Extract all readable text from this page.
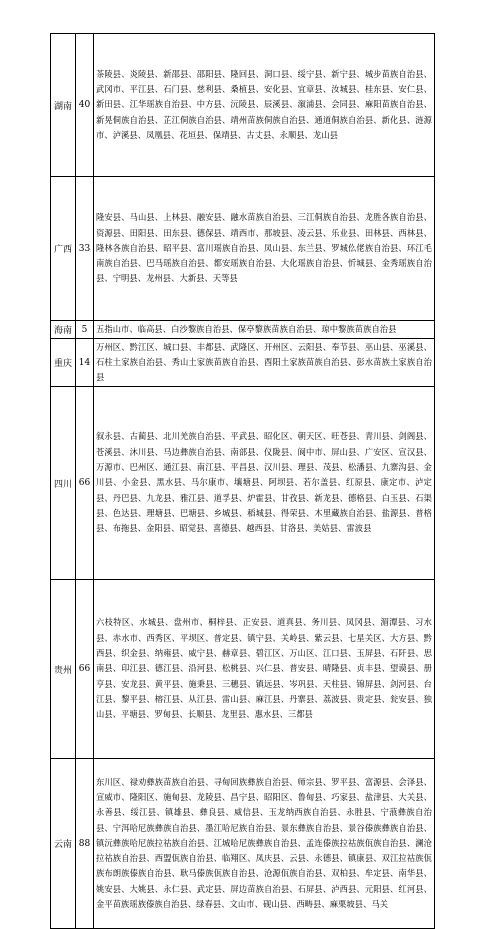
湖南	40	茶陵县、炎陵县、新邵县、邵阳县、隆回县、洞口县、绥宁县、新宁县、城步苗族自治县、武冈市、平江县、石门县、慈利县、桑植县、安化县、宜章县、汝城县、桂东县、安仁县、新田县、江华瑶族自治县、中方县、沅陵县、辰溪县、溆浦县、会同县、麻阳苗族自治县、新晃侗族自治县、芷江侗族自治县、靖州苗族侗族自治县、通道侗族自治县、新化县、涟源市、泸溪县、凤凰县、花垣县、保靖县、古丈县、永顺县、龙山县
广西	33	隆安县、马山县、上林县、融安县、融水苗族自治县、三江侗族自治县、龙胜各族自治县、资源县、田阳县、田东县、德保县、靖西市、那坡县、凌云县、乐业县、田林县、西林县、隆林各族自治县、昭平县、富川瑶族自治县、凤山县、东兰县、罗城仫佬族自治县、环江毛南族自治县、巴马瑶族自治县、都安瑶族自治县、大化瑶族自治县、忻城县、金秀瑶族自治县、宁明县、龙州县、大新县、天等县
海南	5	五指山市、临高县、白沙黎族自治县、保亭黎族苗族自治县、琼中黎族苗族自治县
重庆	14	万州区、黔江区、城口县、丰都县、武隆区、开州区、云阳县、奉节县、巫山县、巫溪县、石柱土家族自治县、秀山土家族苗族自治县、酉阳土家族苗族自治县、彭水苗族土家族自治县
四川	66	叙永县、古蔺县、北川羌族自治县、平武县、昭化区、朝天区、旺苍县、青川县、剑阁县、苍溪县、沐川县、马边彝族自治县、南部县、仪陇县、阆中市、屏山县、广安区、宣汉县、万源市、巴州区、通江县、南江县、平昌县、汉川县、理县、茂县、松潘县、九寨沟县、金川县、小金县、黑水县、马尔康市、壤塘县、阿坝县、若尔盖县、红原县、康定市、泸定县、丹巴县、九龙县、雅江县、道孚县、炉霍县、甘孜县、新龙县、德格县、白玉县、石渠县、色达县、理塘县、巴塘县、乡城县、稻城县、得荣县、木里藏族自治县、盐源县、普格县、布拖县、金阳县、昭觉县、喜德县、越西县、甘洛县、美姑县、雷波县
贵州	66	六枝特区、水城县、盘州市、桐梓县、正安县、道真县、务川县、凤冈县、湄潭县、习水县、赤水市、西秀区、平坝区、普定县、镇宁县、关岭县、紫云县、七星关区、大方县、黔西县、织金县、纳雍县、威宁县、赫章县、碧江区、万山区、江口县、玉屏县、石阡县、思南县、印江县、德江县、沿河县、松桃县、兴仁县、普安县、晴隆县、贞丰县、望谟县、册亨县、安龙县、黄平县、施秉县、三穗县、镇远县、岑巩县、天柱县、锦屏县、剑河县、台江县、黎平县、榕江县、从江县、雷山县、麻江县、丹寨县、荔波县、贵定县、瓮安县、独山县、平塘县、罗甸县、长顺县、龙里县、惠水县、三都县
云南	88	东川区、禄劝彝族苗族自治县、寻甸回族彝族自治县、师宗县、罗平县、富源县、会泽县、宣威市、隆阳区、施甸县、龙陵县、昌宁县、昭阳区、鲁甸县、巧家县、盐津县、大关县、永善县、绥江县、镇雄县、彝良县、威信县、玉龙纳西族自治县、永胜县、宁蒗彝族自治县、宁洱哈尼族彝族自治县、墨江哈尼族自治县、景东彝族自治县、景谷傣族彝族自治县、镇沅彝族哈尼族拉祜族自治县、江城哈尼族彝族自治县、孟连傣族拉祜族佤族自治县、澜沧拉祜族自治县、西盟佤族自治县、临翔区、凤庆县、云县、永德县、镇康县、双江拉祜族佤族布朗族傣族自治县、耿马傣族佤族自治县、沧源佤族自治县、双柏县、牟定县、南华县、姚安县、大姚县、永仁县、武定县、屏边苗族自治县、石屏县、泸西县、元阳县、红河县、金平苗族瑶族傣族自治县、绿春县、文山市、砚山县、西畴县、麻栗坡县、马关
